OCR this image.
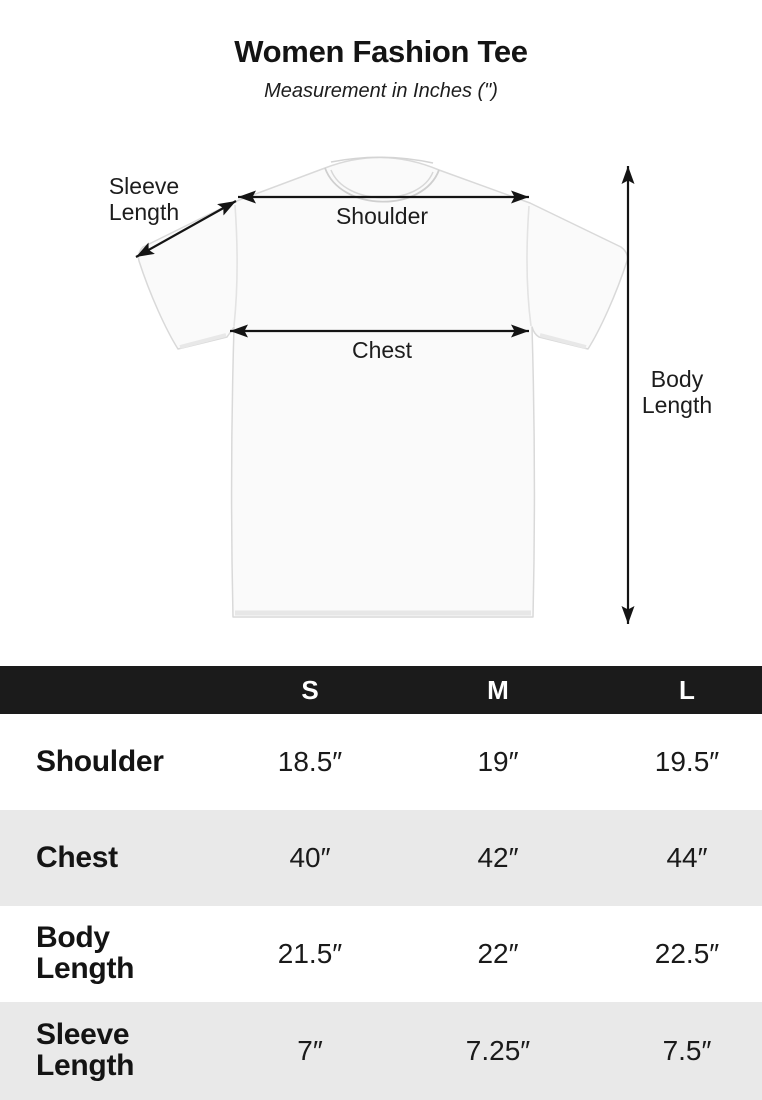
Women Fashion Tee
Measurement in Inches (")
Sleeve Length	Shoulder
Chest
Body Length
S	M	L
Shoulder	18.5″	19″	19.5″
Chest	40″	42″	44″
Body Length	21.5″	22″	22.5″
Sleeve Length	7″	7.25″	7.5″
